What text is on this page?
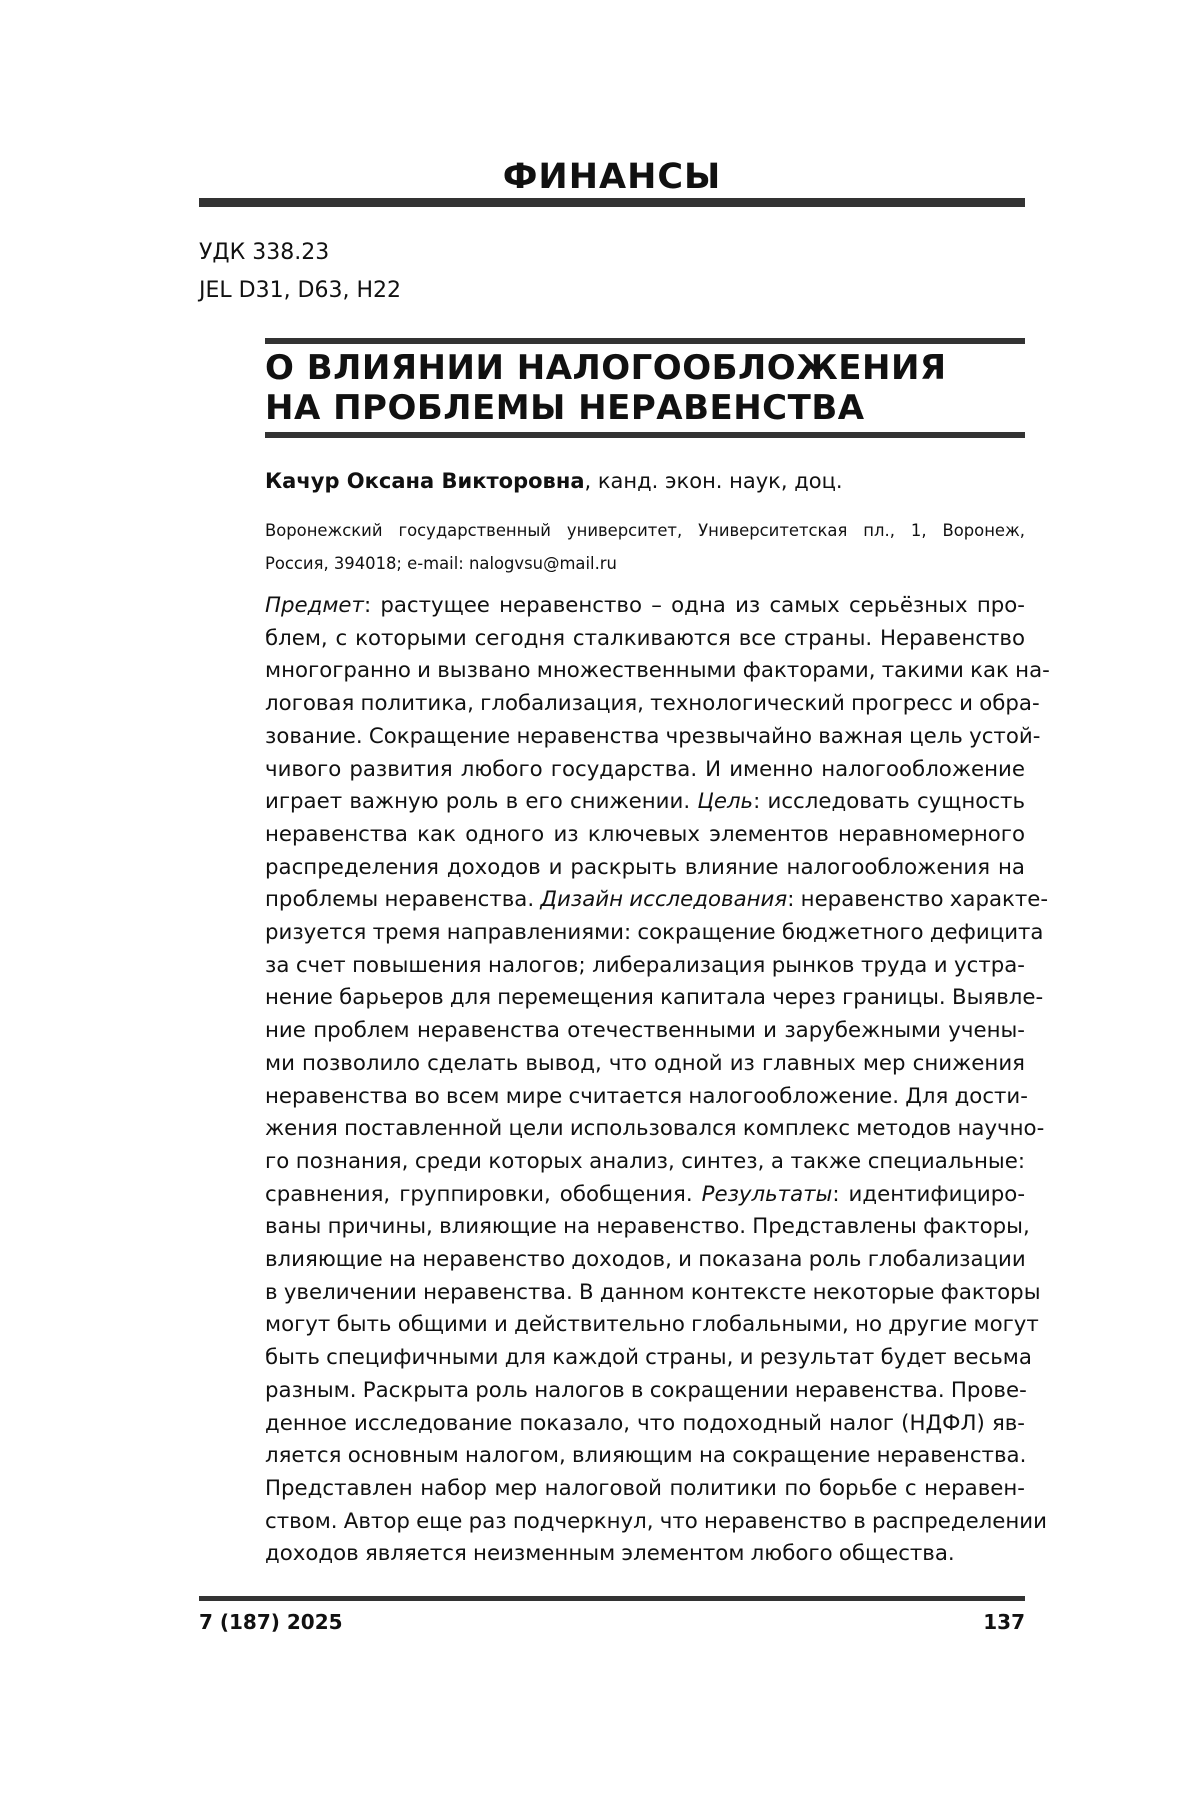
ФИНАНСЫ
УДК 338.23
JEL D31, D63, H22
О ВЛИЯНИИ НАЛОГООБЛОЖЕНИЯ
НА ПРОБЛЕМЫ НЕРАВЕНСТВА
Качур Оксана Викторовна, канд. экон. наук, доц.
Воронежский государственный университет, Университетская пл., 1, Воронеж, Россия, 394018; e-mail: nalogvsu@mail.ru
Предмет: растущее неравенство – одна из самых серьёзных про-
блем, с которыми сегодня сталкиваются все страны. Неравенство
многогранно и вызвано множественными факторами, такими как на-
логовая политика, глобализация, технологический прогресс и обра-
зование. Сокращение неравенства чрезвычайно важная цель устой-
чивого развития любого государства. И именно налогообложение
играет важную роль в его снижении. Цель: исследовать сущность
неравенства как одного из ключевых элементов неравномерного
распределения доходов и раскрыть влияние налогообложения на
проблемы неравенства. Дизайн исследования: неравенство характе-
ризуется тремя направлениями: сокращение бюджетного дефицита
за счет повышения налогов; либерализация рынков труда и устра-
нение барьеров для перемещения капитала через границы. Выявле-
ние проблем неравенства отечественными и зарубежными учены-
ми позволило сделать вывод, что одной из главных мер снижения
неравенства во всем мире считается налогообложение. Для дости-
жения поставленной цели использовался комплекс методов научно-
го познания, среди которых анализ, синтез, а также специальные:
сравнения, группировки, обобщения. Результаты: идентифициро-
ваны причины, влияющие на неравенство. Представлены факторы,
влияющие на неравенство доходов, и показана роль глобализации
в увеличении неравенства. В данном контексте некоторые факторы
могут быть общими и действительно глобальными, но другие могут
быть специфичными для каждой страны, и результат будет весьма
разным. Раскрыта роль налогов в сокращении неравенства. Прове-
денное исследование показало, что подоходный налог (НДФЛ) яв-
ляется основным налогом, влияющим на сокращение неравенства.
Представлен набор мер налоговой политики по борьбе с нерaвен-
ством. Автор еще раз подчеркнул, что неравенство в распределении
доходов является неизменным элементом любого общества.
7 (187) 2025	137
